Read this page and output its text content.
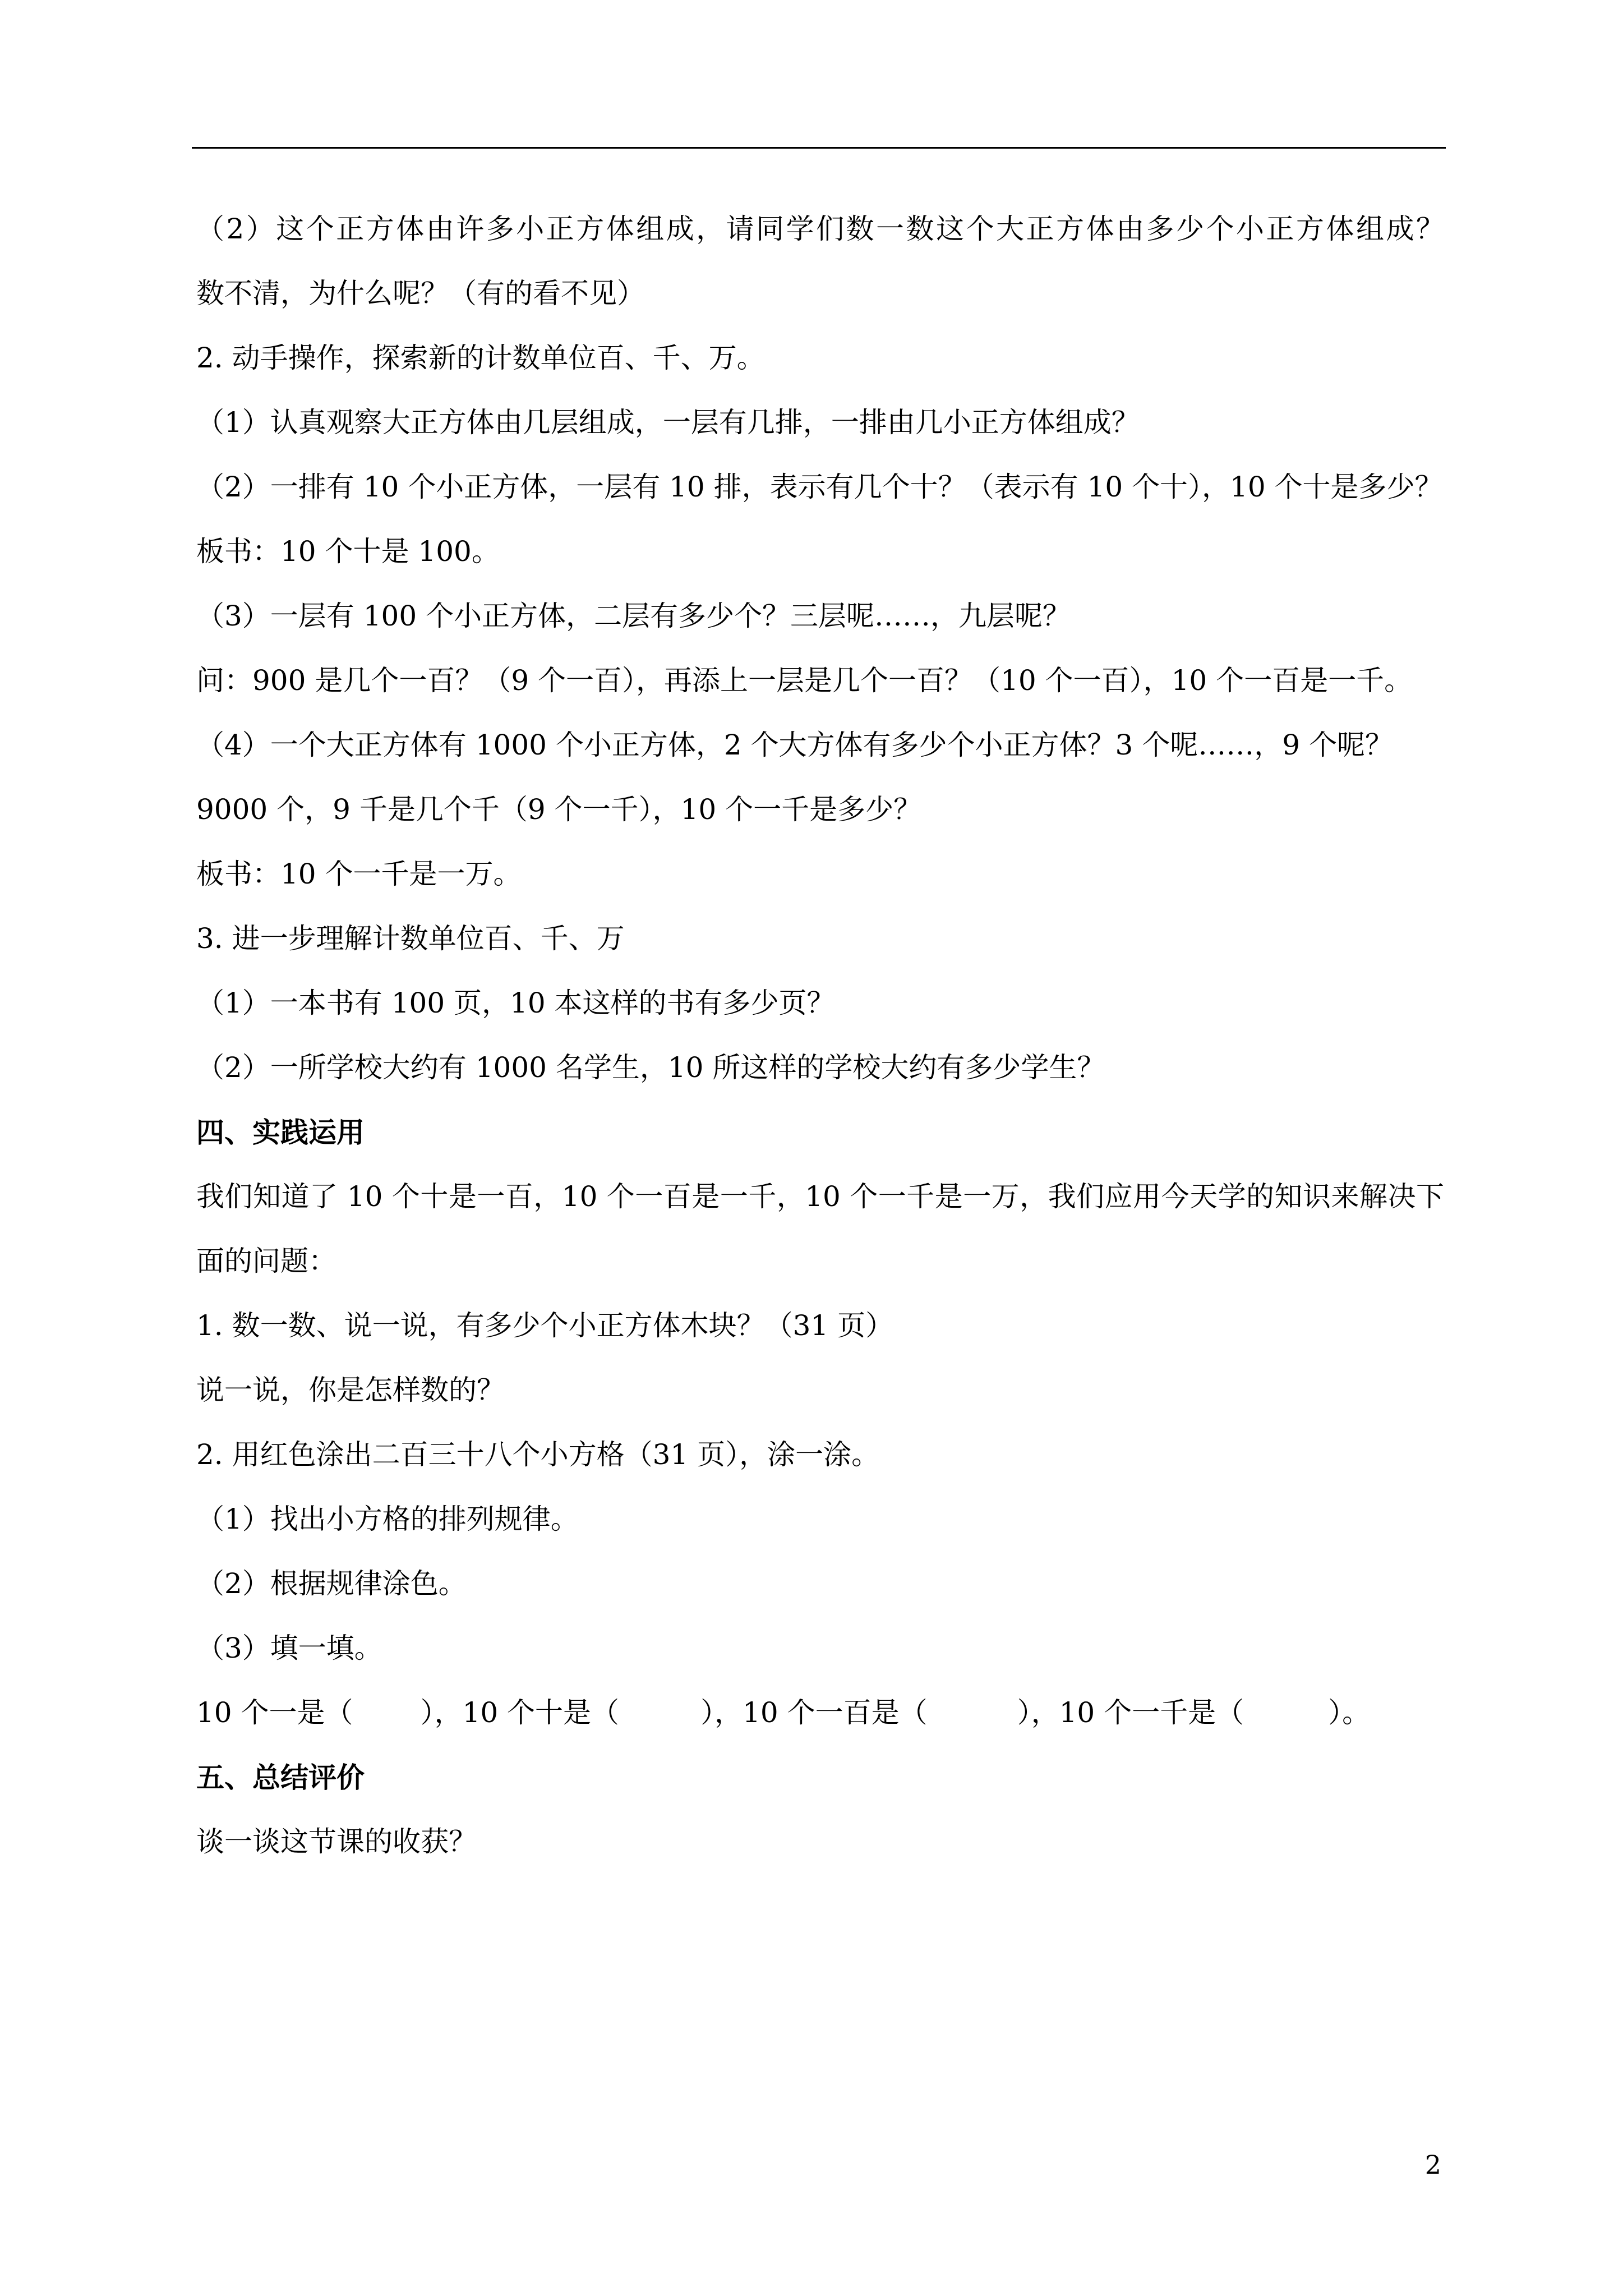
（2）这个正方体由许多小正方体组成，请同学们数一数这个大正方体由多少个小正方体组成？

数不清，为什么呢？（有的看不见）

2. 动手操作，探索新的计数单位百、千、万。

（1）认真观察大正方体由几层组成，一层有几排，一排由几小正方体组成？

（2）一排有 10 个小正方体，一层有 10 排，表示有几个十？（表示有 10 个十），10 个十是多少？

板书：10 个十是 100。

（3）一层有 100 个小正方体，二层有多少个？三层呢……，九层呢？

问：900 是几个一百？（9 个一百），再添上一层是几个一百？（10 个一百），10 个一百是一千。

（4）一个大正方体有 1000 个小正方体，2 个大方体有多少个小正方体？3 个呢……，9 个呢？

9000 个，9 千是几个千（9 个一千），10 个一千是多少？

板书：10 个一千是一万。

3. 进一步理解计数单位百、千、万

（1）一本书有 100 页，10 本这样的书有多少页？

（2）一所学校大约有 1000 名学生，10 所这样的学校大约有多少学生？

四、实践运用

我们知道了 10 个十是一百，10 个一百是一千，10 个一千是一万，我们应用今天学的知识来解决下

面的问题：

1. 数一数、说一说，有多少个小正方体木块？（31 页）

说一说，你是怎样数的？

2. 用红色涂出二百三十八个小方格（31 页），涂一涂。

（1）找出小方格的排列规律。

（2）根据规律涂色。

（3）填一填。

10 个一是（ ），10 个十是（	），10 个一百是（	），10 个一千是（	）。

五、总结评价

谈一谈这节课的收获？

2
